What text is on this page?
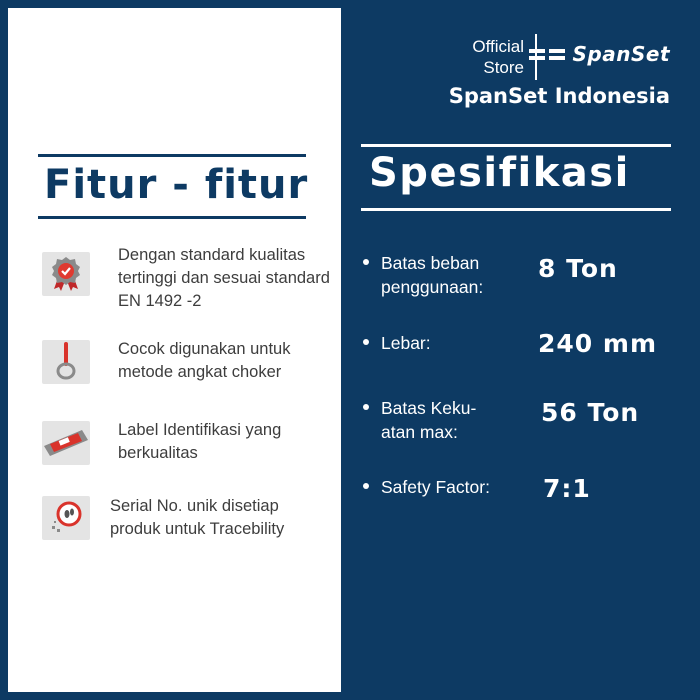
Fitur - fitur
Dengan standard kualitas
tertinggi dan sesuai standard
EN 1492 -2
Cocok digunakan untuk
metode angkat choker
Label Identifikasi yang
berkualitas
Serial No. unik disetiap
produk untuk Tracebility
Official
Store
SpanSet
SpanSet Indonesia
Spesifikasi
Batas beban
penggunaan:
8 Ton
Lebar:	240 mm
Batas Keku-
atan max:
56 Ton
Safety Factor: 7:1
